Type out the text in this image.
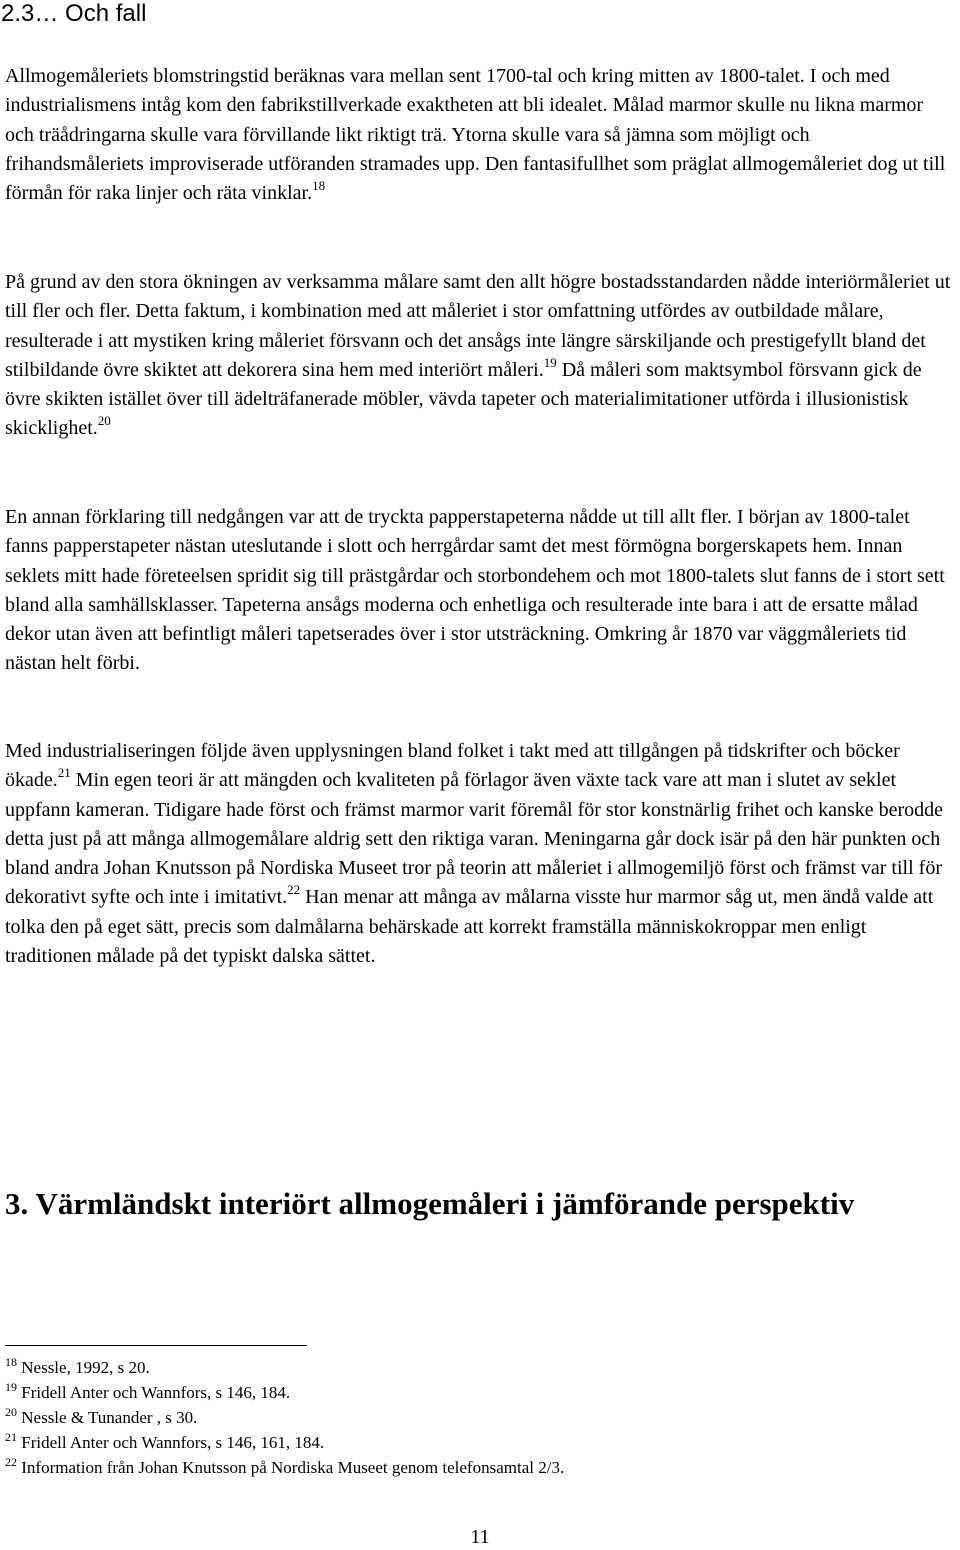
2.3… Och fall

Allmogemåleriets blomstringstid beräknas vara mellan sent 1700-tal och kring mitten av 1800-talet. I och med industrialismens intåg kom den fabrikstillverkade exaktheten att bli idealet. Målad marmor skulle nu likna marmor och träådringarna skulle vara förvillande likt riktigt trä. Ytorna skulle vara så jämna som möjligt och frihandsmåleriets improviserade utföranden stramades upp. Den fantasifullhet som präglat allmogemåleriet dog ut till förmån för raka linjer och räta vinklar.$^{18}$

På grund av den stora ökningen av verksamma målare samt den allt högre bostadsstandarden nådde interiörmåleriet ut till fler och fler. Detta faktum, i kombination med att måleriet i stor omfattning utfördes av outbildade målare, resulterade i att mystiken kring måleriet försvann och det ansågs inte längre särskiljande och prestigefyllt bland det stilbildande övre skiktet att dekorera sina hem med interiört måleri.$^{19}$ Då måleri som maktsymbol försvann gick de övre skikten istället över till ädelträfanerade möbler, vävda tapeter och materialimitationer utförda i illusionistisk skicklighet.$^{20}$

En annan förklaring till nedgången var att de tryckta papperstapeterna nådde ut till allt fler. I början av 1800-talet fanns papperstapeter nästan uteslutande i slott och herrgårdar samt det mest förmögna borgerskapets hem. Innan seklets mitt hade företeelsen spridit sig till prästgårdar och storbondehem och mot 1800-talets slut fanns de i stort sett bland alla samhällsklasser. Tapeterna ansågs moderna och enhetliga och resulterade inte bara i att de ersatte målad dekor utan även att befintligt måleri tapetserades över i stor utsträckning. Omkring år 1870 var väggmåleriets tid nästan helt förbi.

Med industrialiseringen följde även upplysningen bland folket i takt med att tillgången på tidskrifter och böcker ökade.$^{21}$ Min egen teori är att mängden och kvaliteten på förlagor även växte tack vare att man i slutet av seklet uppfann kameran. Tidigare hade först och främst marmor varit föremål för stor konstnärlig frihet och kanske berodde detta just på att många allmogemålare aldrig sett den riktiga varan. Meningarna går dock isär på den här punkten och bland andra Johan Knutsson på Nordiska Museet tror på teorin att måleriet i allmogemiljö först och främst var till för dekorativt syfte och inte i imitativt.$^{22}$ Han menar att många av målarna visste hur marmor såg ut, men ändå valde att tolka den på eget sätt, precis som dalmålarna behärskade att korrekt framställa människokroppar men enligt traditionen målade på det typiskt dalska sättet.

3. Värmländskt interiört allmogemåleri i jämförande perspektiv
$^{18}$ Nessle, 1992, s 20.
$^{19}$ Fridell Anter och Wannfors, s 146, 184.
$^{20}$ Nessle & Tunander , s 30.
$^{21}$ Fridell Anter och Wannfors, s 146, 161, 184.
$^{22}$ Information från Johan Knutsson på Nordiska Museet genom telefonsamtal 2/3.
11
